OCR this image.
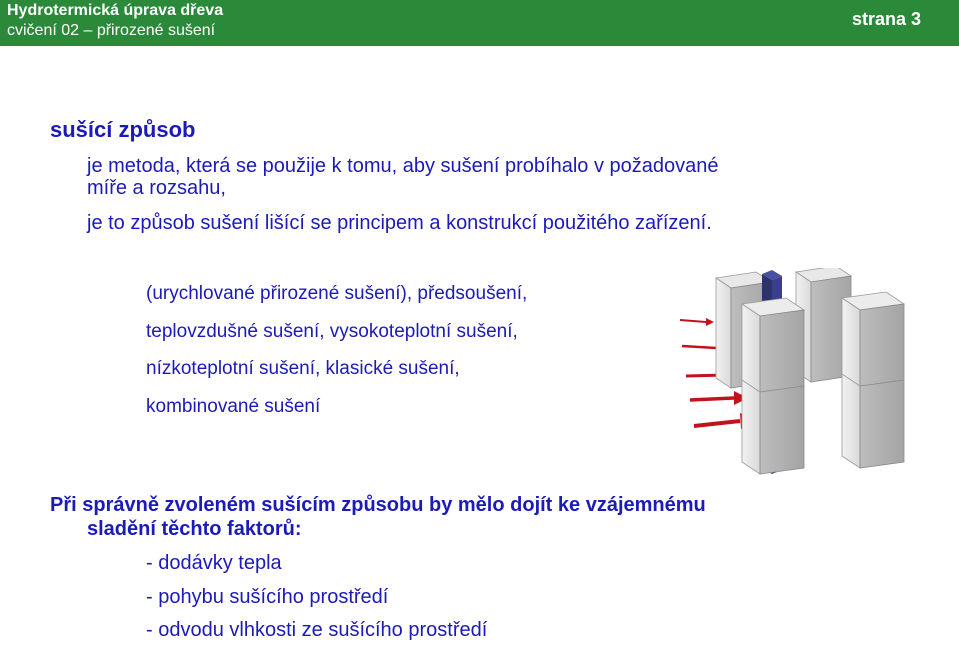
Hydrotermická úprava dřeva
cvičení 02 – přirozené sušení
strana 3
sušící způsob
je metoda, která se použije k tomu, aby sušení probíhalo v požadované
míře a rozsahu,
je to způsob sušení lišící se principem a konstrukcí použitého zařízení.
(urychlované přirozené sušení), předsoušení,
teplovzdušné sušení, vysokoteplotní sušení,
nízkoteplotní sušení, klasické sušení,
kombinované sušení
Při správně zvoleném sušícím způsobu by mělo dojít ke vzájemnému
sladění těchto faktorů:
- dodávky tepla
- pohybu sušícího prostředí
- odvodu vlhkosti ze sušícího prostředí
